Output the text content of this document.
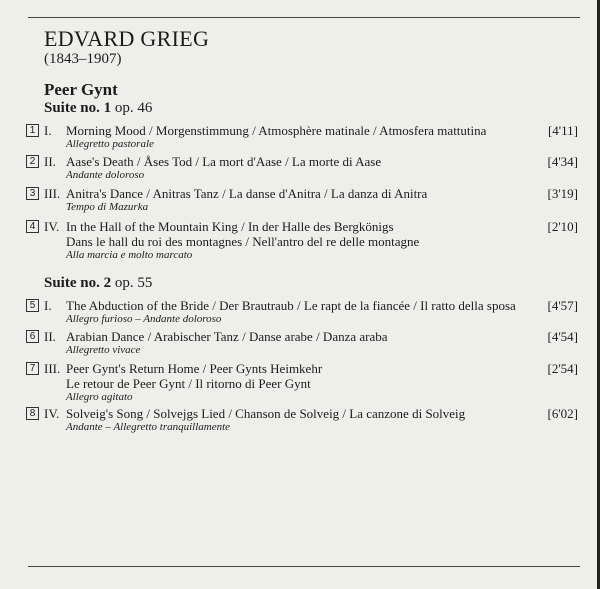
EDVARD GRIEG
(1843–1907)
Peer Gynt
Suite no. 1 op. 46
1 I. Morning Mood / Morgenstimmung / Atmosphère matinale / Atmosfera mattutina
Allegretto pastorale
[4'11]
2 II. Aase's Death / Åses Tod / La mort d'Aase / La morte di Aase
Andante doloroso
[4'34]
3 III. Anitra's Dance / Anitras Tanz / La danse d'Anitra / La danza di Anitra
Tempo di Mazurka
[3'19]
4 IV. In the Hall of the Mountain King / In der Halle des Bergkönigs
Dans le hall du roi des montagnes / Nell'antro del re delle montagne
Alla marcia e molto marcato
[2'10]
Suite no. 2 op. 55
5 I. The Abduction of the Bride / Der Brautraub / Le rapt de la fiancée / Il ratto della sposa
Allegro furioso – Andante doloroso
[4'57]
6 II. Arabian Dance / Arabischer Tanz / Danse arabe / Danza araba
Allegretto vivace
[4'54]
7 III. Peer Gynt's Return Home / Peer Gynts Heimkehr
Le retour de Peer Gynt / Il ritorno di Peer Gynt
Allegro agitato
[2'54]
8 IV. Solveig's Song / Solvejgs Lied / Chanson de Solveig / La canzone di Solveig
Andante – Allegretto tranquillamente
[6'02]
